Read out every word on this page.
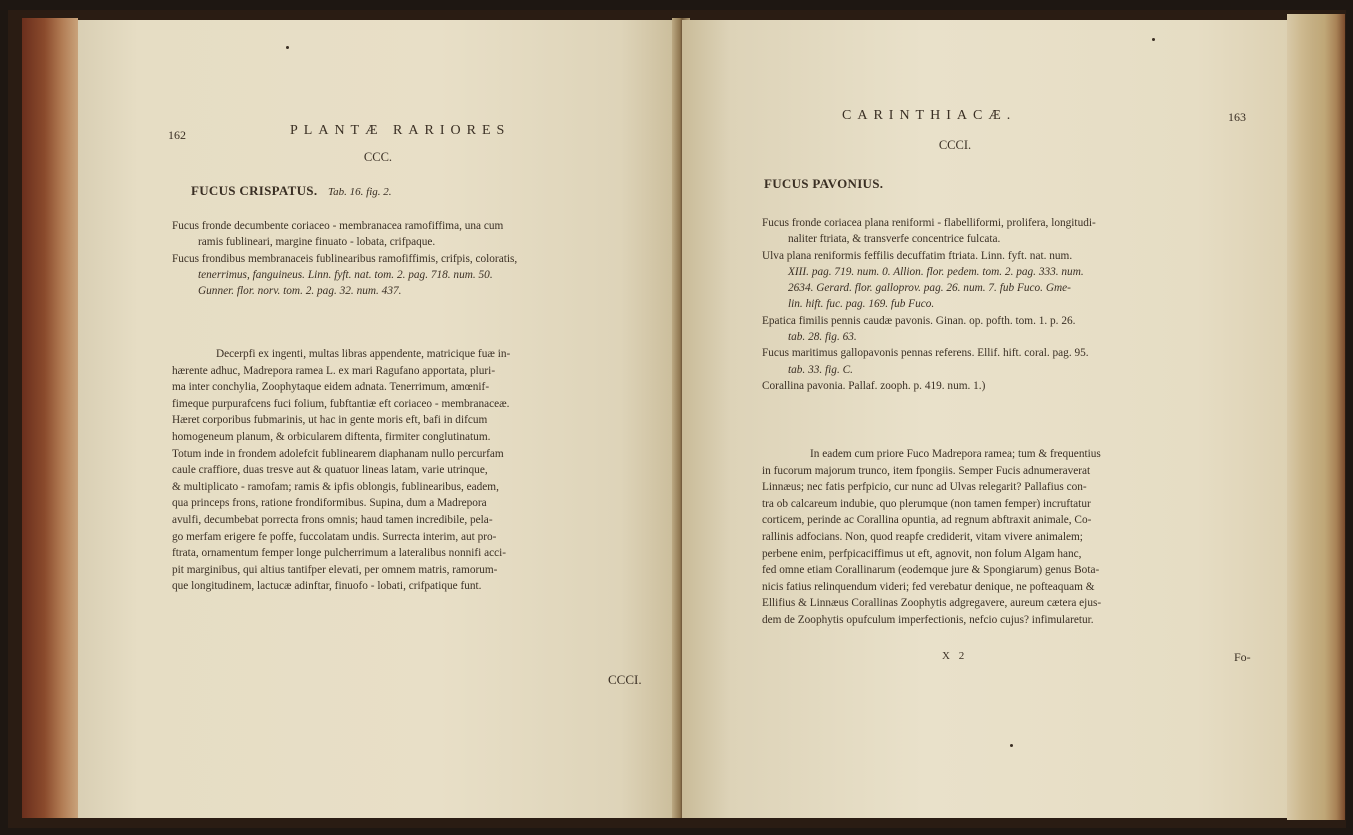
162	PLANTÆ RARIORES
CCC.
FUCUS CRISPATUS. Tab. 16. fig. 2.
Fucus fronde decumbente coriaceo - membranacea ramofiffima, una cum
ramis fublineari, margine finuato - lobata, crifpaque.
Fucus frondibus membranaceis fublinearibus ramofiffimis, crifpis, coloratis,
tenerrimus, fanguineus. Linn. fyft. nat. tom. 2. pag. 718. num. 50.
Gunner. flor. norv. tom. 2. pag. 32. num. 437.
Decerpfi ex ingenti, multas libras appendente, matricique fuæ in-
hærente adhuc, Madrepora ramea L. ex mari Ragufano apportata, pluri-
ma inter conchylia, Zoophytaque eidem adnata. Tenerrimum, amœnif-
fimeque purpurafcens fuci folium, fubftantiæ eft coriaceo - membranaceæ.
Hæret corporibus fubmarinis, ut hac in gente moris eft, bafi in difcum
homogeneum planum, & orbicularem diftenta, firmiter conglutinatum.
Totum inde in frondem adolefcit fublinearem diaphanam nullo percurfam
caule craffiore, duas tresve aut & quatuor lineas latam, varie utrinque,
& multiplicato - ramofam; ramis & ipfis oblongis, fublinearibus, eadem,
qua princeps frons, ratione frondiformibus. Supina, dum a Madrepora
avulfi, decumbebat porrecta frons omnis; haud tamen incredibile, pela-
go merfam erigere fe poffe, fuccolatam undis. Surrecta interim, aut pro-
ftrata, ornamentum femper longe pulcherrimum a lateralibus nonnifi acci-
pit marginibus, qui altius tantifper elevati, per omnem matris, ramorum-
que longitudinem, lactucæ adinftar, finuofo - lobati, crifpatique funt.
CCCI.
CARINTHIACÆ.	163
CCCI.
FUCUS PAVONIUS.
Fucus fronde coriacea plana reniformi - flabelliformi, prolifera, longitudi-
naliter ftriata, & transverfe concentrice fulcata.
Ulva plana reniformis feffilis decuffatim ftriata. Linn. fyft. nat. num.
XIII. pag. 719. num. 0. Allion. flor. pedem. tom. 2. pag. 333. num.
2634. Gerard. flor. galloprov. pag. 26. num. 7. fub Fuco. Gme-
lin. hift. fuc. pag. 169. fub Fuco.
Epatica fimilis pennis caudæ pavonis. Ginan. op. pofth. tom. 1. p. 26.
tab. 28. fig. 63.
Fucus maritimus gallopavonis pennas referens. Ellif. hift. coral. pag. 95.
tab. 33. fig. C.
Corallina pavonia. Pallaf. zooph. p. 419. num. 1.)
In eadem cum priore Fuco Madrepora ramea; tum & frequentius
in fucorum majorum trunco, item fpongiis. Semper Fucis adnumeraverat
Linnæus; nec fatis perfpicio, cur nunc ad Ulvas relegarit? Pallafius con-
tra ob calcareum indubie, quo plerumque (non tamen femper) incruftatur
corticem, perinde ac Corallina opuntia, ad regnum abftraxit animale, Co-
rallinis adfocians. Non, quod reapfe crediderit, vitam vivere animalem;
perbene enim, perfpicaciffimus ut eft, agnovit, non folum Algam hanc,
fed omne etiam Corallinarum (eodemque jure & Spongiarum) genus Bota-
nicis fatius relinquendum videri; fed verebatur denique, ne pofteaquam &
Ellifius & Linnæus Corallinas Zoophytis adgregavere, aureum cætera ejus-
dem de Zoophytis opufculum imperfectionis, nefcio cujus? infimularetur.
X 2	Fo-
